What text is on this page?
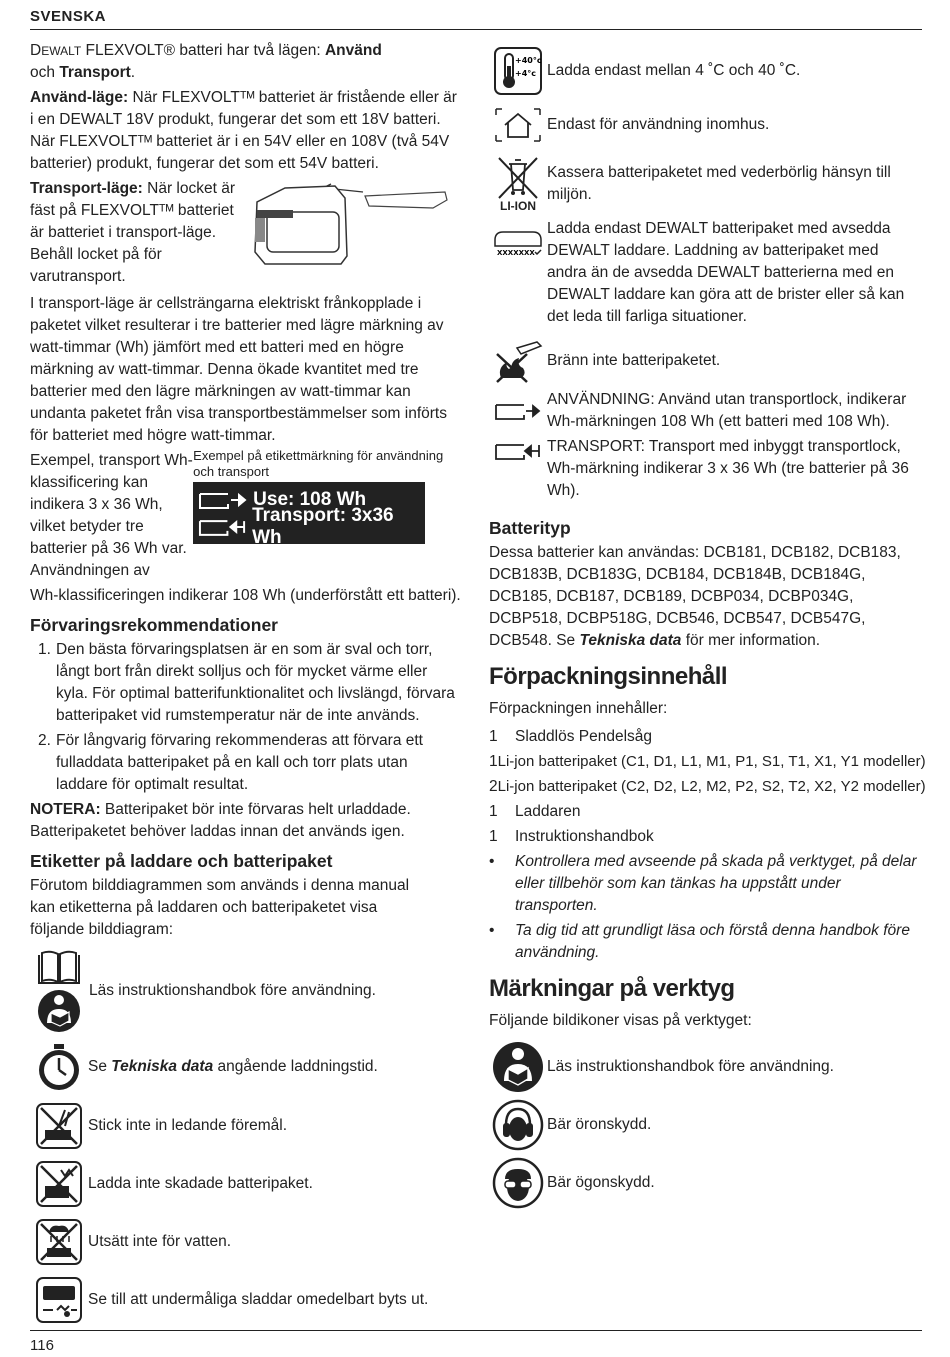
SVENSKA

DEWALT FLEXVOLT® batteri har två lägen: Använd
och Transport.

Använd-läge: När FLEXVOLTᵀᴹ batteriet är fristående eller är i en DEWALT 18V produkt, fungerar det som ett 18V batteri. När FLEXVOLTᵀᴹ batteriet är i en 54V eller en 108V (två 54V batterier) produkt, fungerar det som ett 54V batteri.

Transport-läge: När locket är fäst på FLEXVOLTᵀᴹ batteriet är batteriet i transport-läge. Behåll locket på för varutransport.

I transport-läge är cellsträngarna elektriskt frånkopplade i paketet vilket resulterar i tre batterier med lägre märkning av watt-timmar (Wh) jämfört med ett batteri med en högre märkning av watt-timmar. Denna ökade kvantitet med tre batterier med den lägre märkningen av watt-timmar kan undanta paketet från visa transportbestämmelser som införts för batteriet med högre watt-timmar.

Exempel, transport Wh-klassificering kan indikera 3 x 36 Wh, vilket betyder tre batterier på 36 Wh var. Användningen av

Exempel på etikettmärkning för användning och transport
Use: 108 Wh
Transport: 3x36 Wh

Wh-klassificeringen indikerar 108 Wh (underförstått ett batteri).

Förvaringsrekommendationer
1. Den bästa förvaringsplatsen är en som är sval och torr, långt bort från direkt solljus och för mycket värme eller kyla. För optimal batterifunktionalitet och livslängd, förvara batteripaket vid rumstemperatur när de inte används.
2. För långvarig förvaring rekommenderas att förvara ett fulladdata batteripaket på en kall och torr plats utan laddare för optimalt resultat.

NOTERA: Batteripaket bör inte förvaras helt urladdade. Batteripaketet behöver laddas innan det används igen.

Etiketter på laddare och batteripaket

Förutom bilddiagrammen som används i denna manual kan etiketterna på laddaren och batteripaketet visa följande bilddiagram:

Läs instruktionshandbok före användning.
Se Tekniska data angående laddningstid.
Stick inte in ledande föremål.
Ladda inte skadade batteripaket.
Utsätt inte för vatten.
Se till att undermåliga sladdar omedelbart byts ut.
+40°c
+4°c Ladda endast mellan 4 ˚C och 40 ˚C.
Endast för användning inomhus.
LI-ION
Kassera batteripaketet med vederbörlig hänsyn till miljön.
XXXXXXX
Ladda endast DEWALT batteripaket med avsedda DEWALT laddare. Laddning av batteripaket med andra än de avsedda DEWALT batterierna med en DEWALT laddare kan göra att de brister eller så kan det leda till farliga situationer.
Bränn inte batteripaketet.
ANVÄNDNING: Använd utan transportlock, indikerar Wh-märkningen 108 Wh (ett batteri med 108 Wh).
TRANSPORT: Transport med inbyggt transportlock, Wh-märkning indikerar 3 x 36 Wh (tre batterier på 36 Wh).
Batterityp

Dessa batterier kan användas: DCB181, DCB182, DCB183, DCB183B, DCB183G, DCB184, DCB184B, DCB184G, DCB185, DCB187, DCB189, DCBP034, DCBP034G, DCBP518, DCBP518G, DCB546, DCB547, DCB547G, DCB548. Se Tekniska data för mer information.

Förpackningsinnehåll

Förpackningen innehåller:

1	Sladdlös Pendelsåg
1 Li-jon batteripaket (C1, D1, L1, M1, P1, S1, T1, X1, Y1 modeller)
2 Li-jon batteripaket (C2, D2, L2, M2, P2, S2, T2, X2, Y2 modeller)
1	Laddaren
1	Instruktionshandbok
• Kontrollera med avseende på skada på verktyget, på delar eller tillbehör som kan tänkas ha uppstått under transporten.
• Ta dig tid att grundligt läsa och förstå denna handbok före användning.
Märkningar på verktyg

Följande bildikoner visas på verktyget:

Läs instruktionshandbok före användning.
Bär öronskydd.
Bär ögonskydd.
116
